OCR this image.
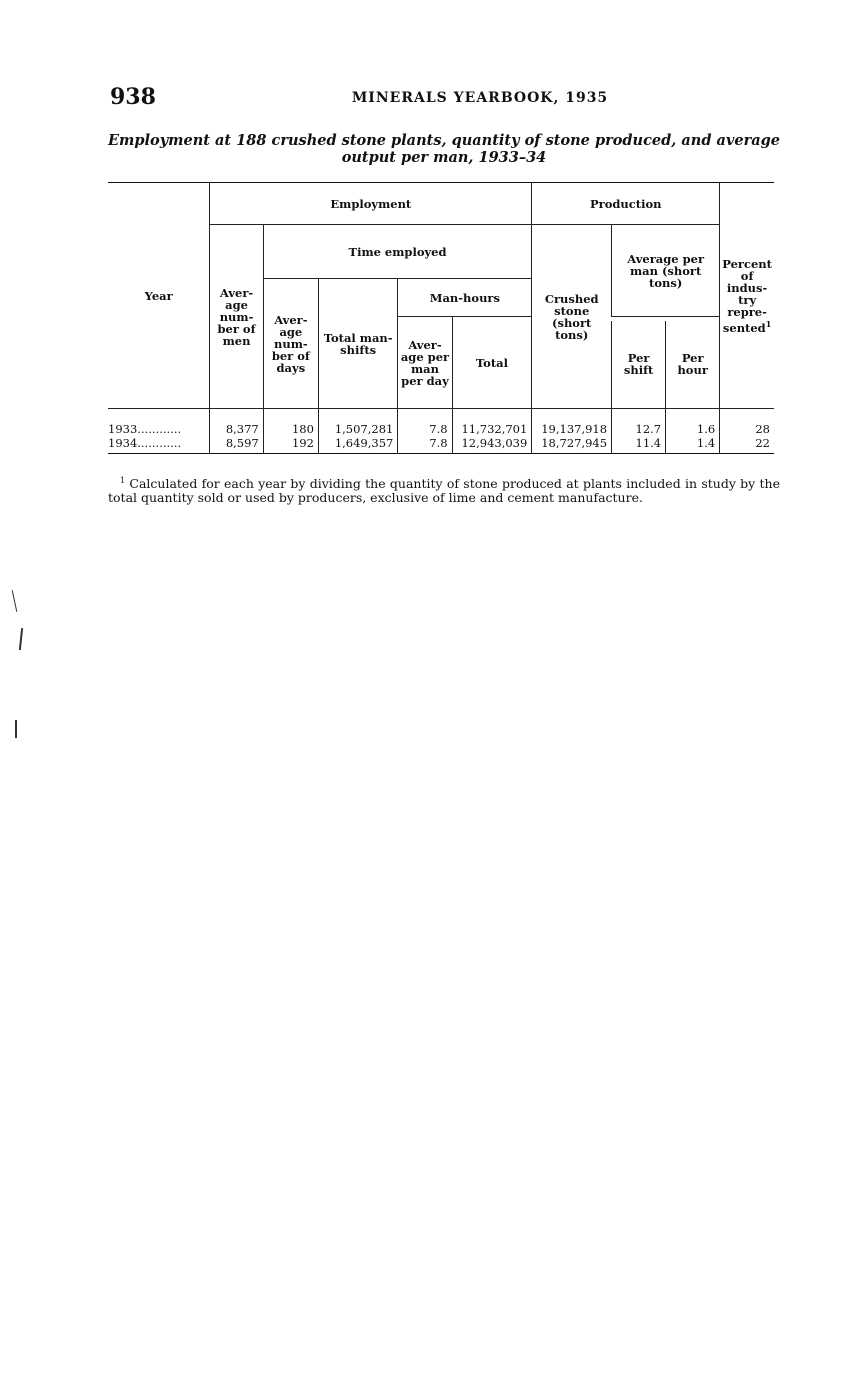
938	MINERALS YEARBOOK, 1935
Employment at 188 crushed stone plants, quantity of stone produced, and average
output per man, 1933–34
Year	Employment					Production			Percent of indus-try repre-sented$^1$
	Aver-age num-ber of men	Time employed				Crushed stone (short tons)	Average per man (short tons)		
		Aver-age num-ber of days	Total man-shifts	Man-hours					
				Aver-age per man per day	Total				
							Per shift	Per hour	
1933............	8,377	180	1,507,281	7.8	11,732,701	19,137,918	12.7	1.6	28
1934............	8,597	192	1,649,357	7.8	12,943,039	18,727,945	11.4	1.4	22
$^1$ Calculated for each year by dividing the quantity of stone produced at plants included in study by the total quantity sold or used by producers, exclusive of lime and cement manufacture.
